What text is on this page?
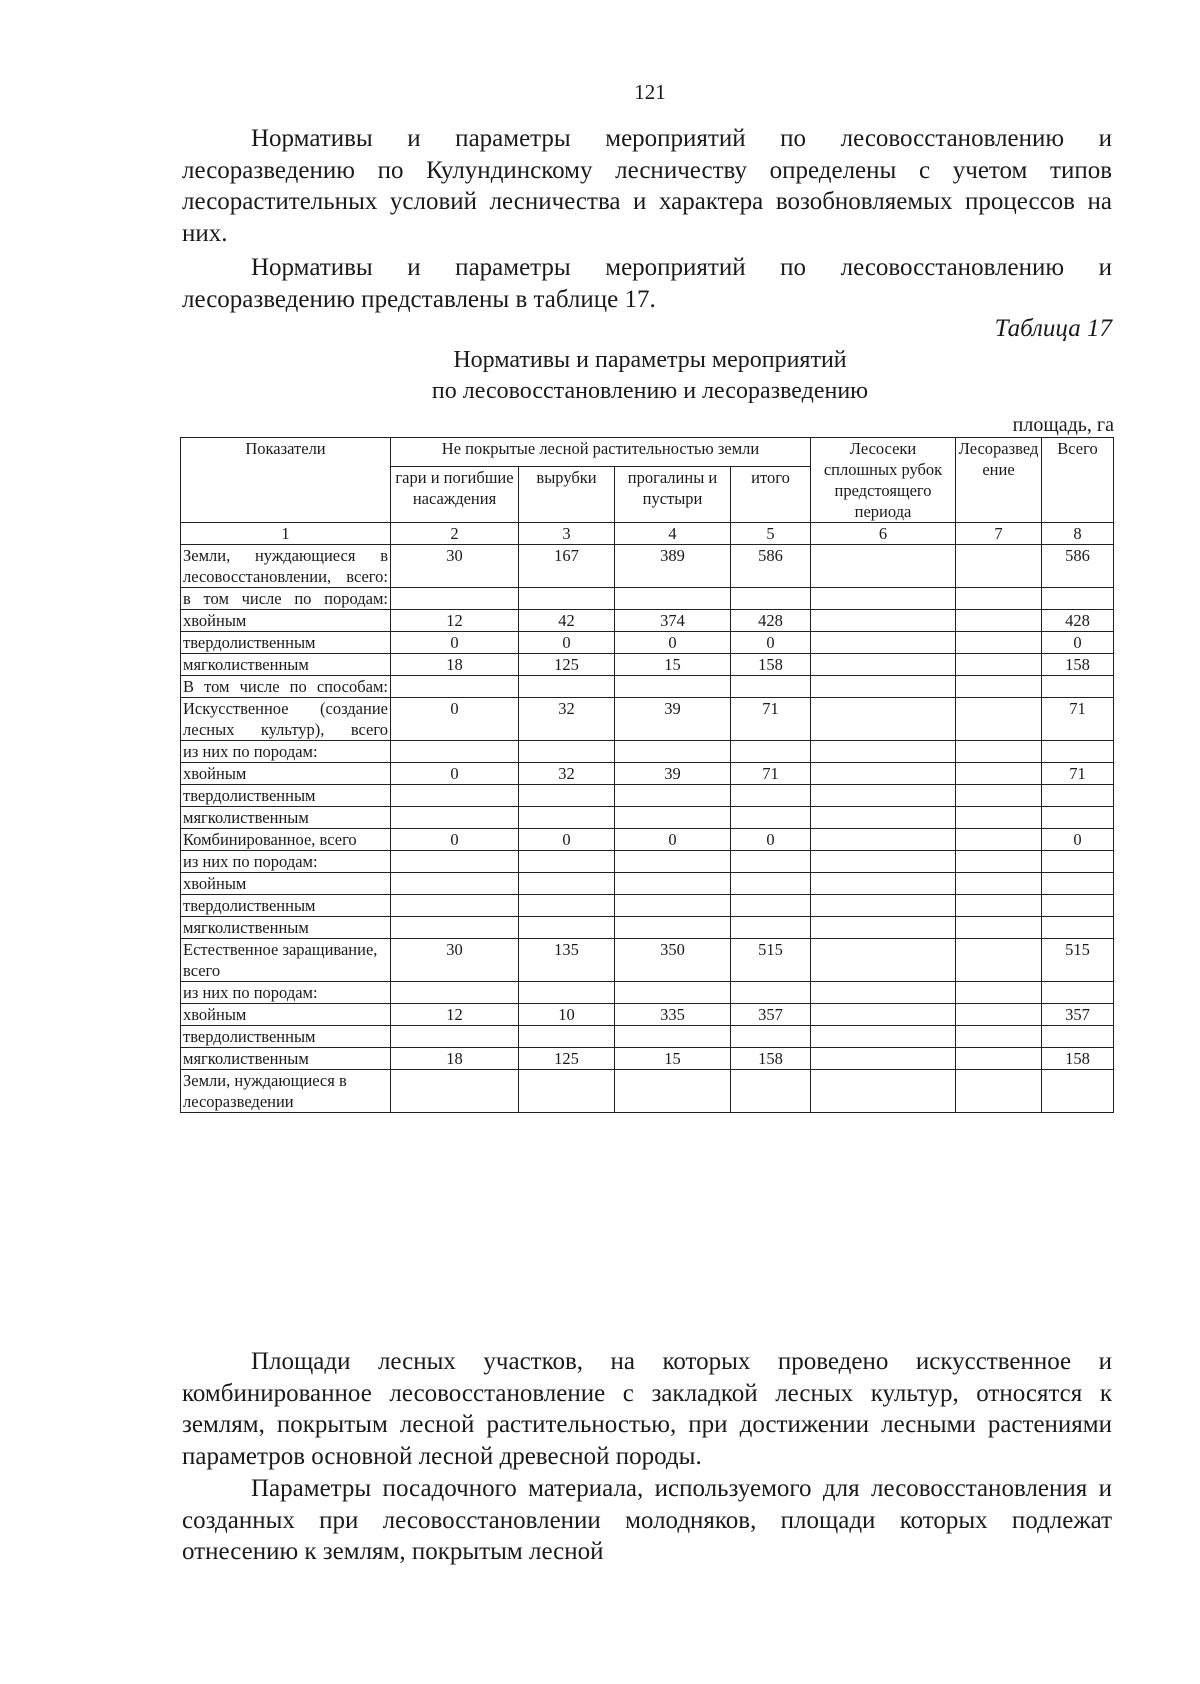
121

Нормативы и параметры мероприятий по лесовосстановлению и лесоразведению по Кулундинскому лесничеству определены с учетом типов лесорастительных условий лесничества и характера возобновляемых процессов на них.

Нормативы и параметры мероприятий по лесовосстановлению и лесоразведению представлены в таблице 17.

Таблица 17
Нормативы и параметры мероприятий
по лесовосстановлению и лесоразведению
площадь, га
Показатели	Не покрытые лесной растительностью земли				Лесосеки сплошных рубок предстоящего периода	Лесоразведение	Всего
	гари и погибшие насаждения	вырубки	прогалины и пустыри	итого			
1	2	3	4	5	6	7	8
Земли, нуждающиеся в лесовосстановлении, всего:	30	167	389	586			586
в том числе по породам:							
хвойным	12	42	374	428			428
твердолиственным	0	0	0	0			0
мягколиственным	18	125	15	158			158
В том числе по способам:							
Искусственное (создание лесных культур), всего	0	32	39	71			71
из них по породам:							
хвойным	0	32	39	71			71
твердолиственным							
мягколиственным							
Комбинированное, всего	0	0	0	0			0
из них по породам:							
хвойным							
твердолиственным							
мягколиственным							
Естественное заращивание, всего	30	135	350	515			515
из них по породам:							
хвойным	12	10	335	357			357
твердолиственным							
мягколиственным	18	125	15	158			158
Земли, нуждающиеся в лесоразведении							

Площади лесных участков, на которых проведено искусственное и комбинированное лесовосстановление с закладкой лесных культур, относятся к землям, покрытым лесной растительностью, при достижении лесными растениями параметров основной лесной древесной породы.

Параметры посадочного материала, используемого для лесовосстановления и созданных при лесовосстановлении молодняков, площади которых подлежат отнесению к землям, покрытым лесной
